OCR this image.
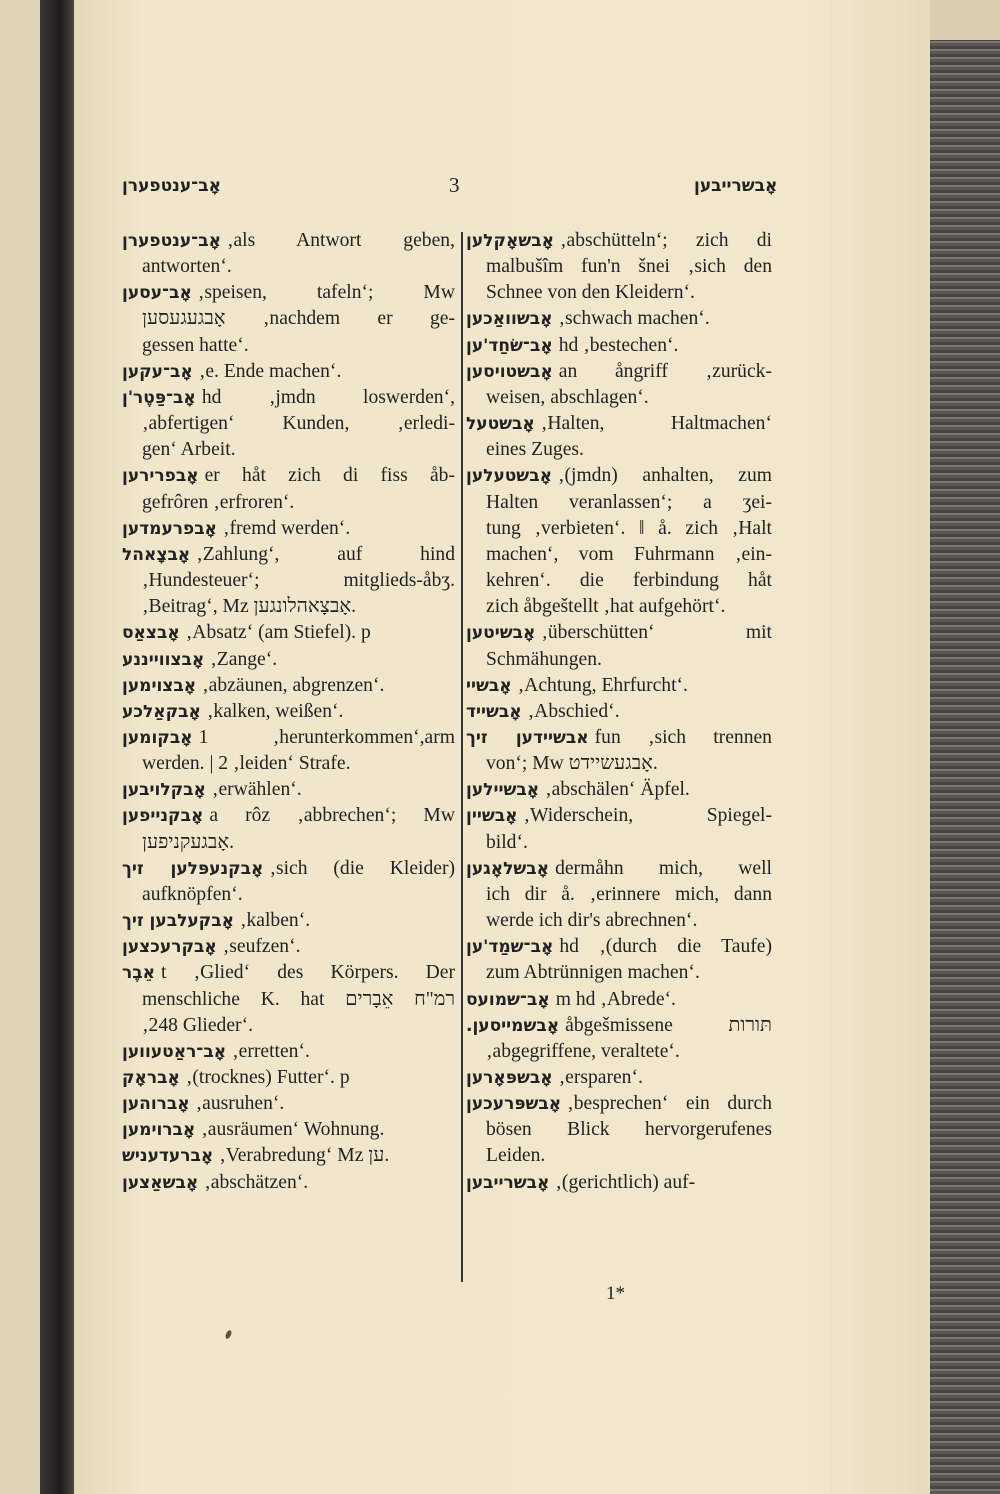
אָב־ענטפערן	3	אָבשרייבען
אָב־ענטפערן ‚als Antwort geben,
antworten‘.
אָב־עסען ‚speisen, tafeln‘; Mw
אָבגעגעסען ‚nachdem er ge-
gessen hatte‘.
אָב־עקען ‚e. Ende machen‘.
אָב־פַּטֶר'ן hd ‚jmdn loswerden‘,
‚abfertigen‘ Kunden, ‚erledi-
gen‘ Arbeit.
אָבפרירען er håt zich di fiss åb-
gefrôren ‚erfroren‘.
אָבפרעמדען ‚fremd werden‘.
אָבצָאהל ‚Zahlung‘, auf hind
‚Hundesteuer‘; mitglieds-åbʒ.
‚Beitrag‘, Mz אָבצָאהלונגען.
אָבצאַס ‚Absatz‘ (am Stiefel). p
אָבצווייננע ‚Zange‘.
אָבצוימען ‚abzäunen, abgrenzen‘.
אָבקאַלכע ‚kalken, weißen‘.
אָבקומען 1 ‚herunterkommen‘,arm
werden. | 2 ‚leiden‘ Strafe.
אָבקלויבען ‚erwählen‘.
אָבקנייפען a rôz ‚abbrechen‘; Mw
אָבגעקניפען.
אָבקנעפּלען זיך ‚sich (die Kleider)
aufknöpfen‘.
אָבקעלבען זיך ‚kalben‘.
אָבקרעכצען ‚seufzen‘.
אֵבֶר t ‚Glied‘ des Körpers. Der
menschliche K. hat רמ"ח אֵבָרים
‚248 Glieder‘.
אָב־ראַטעווען ‚erretten‘.
אָבראָק ‚(trocknes) Futter‘. p
אָברוהען ‚ausruhen‘.
אָברוימען ‚ausräumen‘ Wohnung.
אָברעדעניש ‚Verabredung‘ Mz ען.
אָבשאַצען ‚abschätzen‘.
אָבשאָקלען ‚abschütteln‘; zich di
malbušîm fun'n šnei ‚sich den
Schnee von den Kleidern‘.
אָבשוואַכען ‚schwach machen‘.
אָב־שׂחַד'ען hd ‚bestechen‘.
אָבשטויסען an ångriff ‚zurück-
weisen, abschlagen‘.
אָבשטעל ‚Halten, Haltmachen‘
eines Zuges.
אָבשטעלען ‚(jmdn) anhalten, zum
Halten veranlassen‘; a ʒei-
tung ‚verbieten‘. ‖ å. zich ‚Halt
machen‘, vom Fuhrmann ‚ein-
kehren‘. die ferbindung håt
zich åbgeštellt ‚hat aufgehört‘.
אָבשיטען ‚überschütten‘ mit
Schmähungen.
אָבשיי ‚Achtung, Ehrfurcht‘.
אָבשייד ‚Abschied‘.
אבשיידען זיך fun ‚sich trennen
von‘; Mw אָבגעשיידט.
אָבשיילען ‚abschälen‘ Äpfel.
אָבשיין ‚Widerschein, Spiegel-
bild‘.
אָבשלאָגען dermåhn mich, well
ich dir å. ‚erinnere mich, dann
werde ich dir's abrechnen‘.
אָב־שמַד'ען hd ‚(durch die Taufe)
zum Abtrünnigen machen‘.
אָב־שמועס m hd ‚Abrede‘.
אָבשמייסען. åbgešmissene תּורות
‚abgegriffene, veraltete‘.
אָבשפּאָרען ‚ersparen‘.
אָבשפּרעכען ‚besprechen‘ ein durch
bösen Blick hervorgerufenes
Leiden.
אָבשרייבען ‚(gerichtlich) auf-
1*
